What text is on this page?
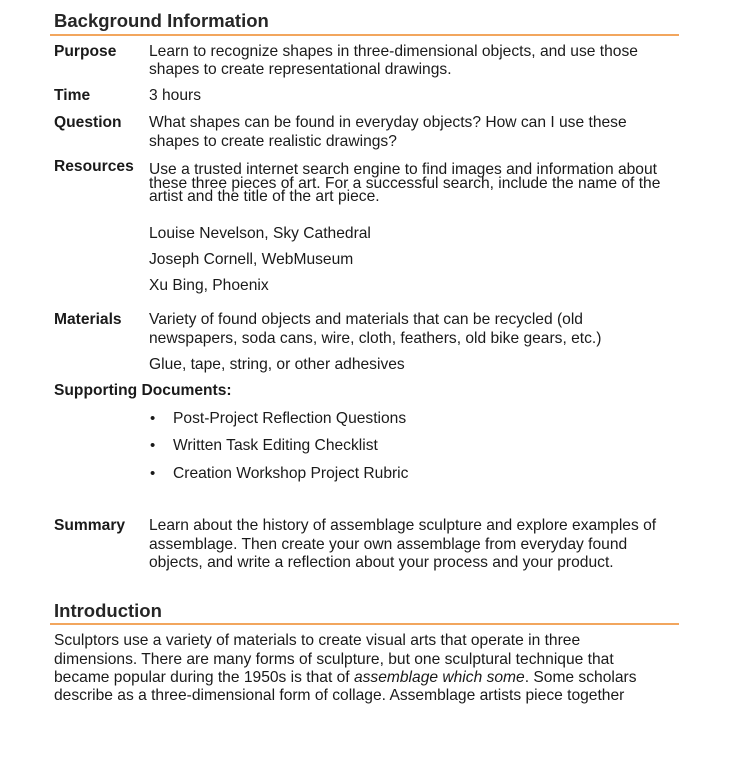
Background Information
Purpose Learn to recognize shapes in three-dimensional objects, and use those
shapes to create representational drawings.
Time	3 hours
Question What shapes can be found in everyday objects? How can I use these
shapes to create realistic drawings?
Resources Use a trusted internet search engine to find images and information about
these three pieces of art. For a successful search, include the name of the
artist and the title of the art piece.
Louise Nevelson, Sky Cathedral
Joseph Cornell, WebMuseum
Xu Bing, Phoenix
Materials Variety of found objects and materials that can be recycled (old
newspapers, soda cans, wire, cloth, feathers, old bike gears, etc.)
Glue, tape, string, or other adhesives
Supporting Documents:
• Post-Project Reflection Questions
• Written Task Editing Checklist
• Creation Workshop Project Rubric
Summary Learn about the history of assemblage sculpture and explore examples of
assemblage. Then create your own assemblage from everyday found
objects, and write a reflection about your process and your product.
Introduction
Sculptors use a variety of materials to create visual arts that operate in three
dimensions. There are many forms of sculpture, but one sculptural technique that
became popular during the 1950s is that of assemblage which some. Some scholars
describe as a three-dimensional form of collage. Assemblage artists piece together
